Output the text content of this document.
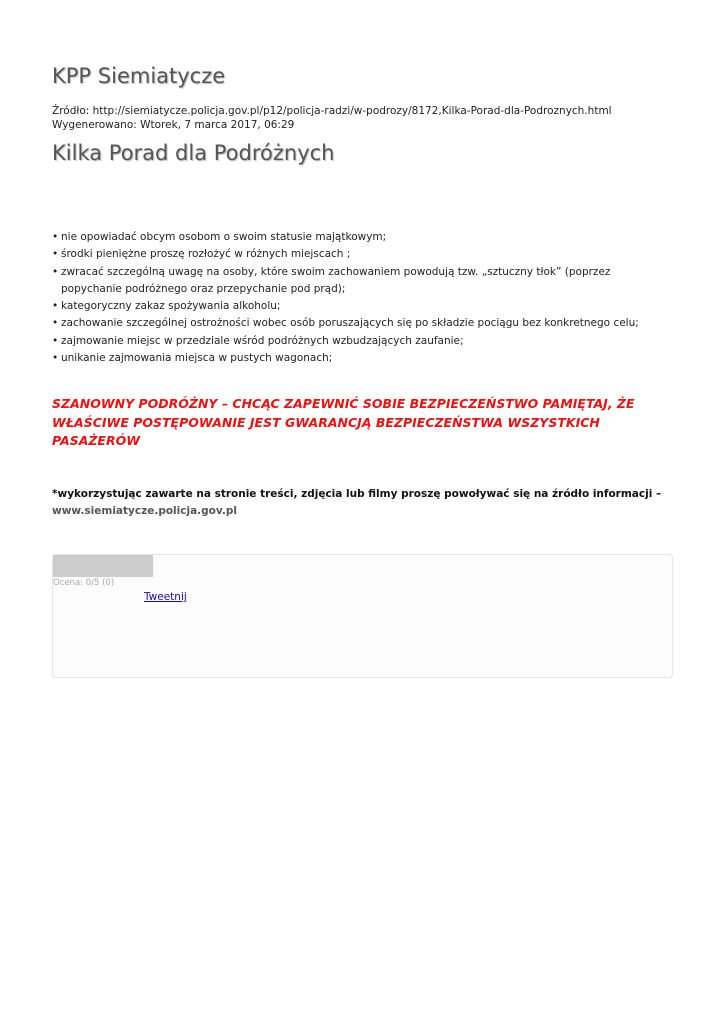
KPP Siemiatycze
Źródło: http://siemiatycze.policja.gov.pl/p12/policja-radzi/w-podrozy/8172,Kilka-Porad-dla-Podroznych.html
Wygenerowano: Wtorek, 7 marca 2017, 06:29
Kilka Porad dla Podróżnych
• nie opowiadać obcym osobom o swoim statusie majątkowym;
• środki pieniężne proszę rozłożyć w różnych miejscach ;
• zwracać szczególną uwagę na osoby, które swoim zachowaniem powodują tzw. „sztuczny tłok” (poprzez popychanie podróżnego oraz przepychanie pod prąd);
• kategoryczny zakaz spożywania alkoholu;
• zachowanie szczególnej ostrożności wobec osób poruszających się po składzie pociągu bez konkretnego celu;
• zajmowanie miejsc w przedziale wśród podróżnych wzbudzających zaufanie;
• unikanie zajmowania miejsca w pustych wagonach;

SZANOWNY PODRÓŻNY – CHCĄC ZAPEWNIĆ SOBIE BEZPIECZEŃSTWO PAMIĘTAJ, ŻE WŁAŚCIWE POSTĘPOWANIE JEST GWARANCJĄ BEZPIECZEŃSTWA WSZYSTKICH PASAŻERÓW

*wykorzystując zawarte na stronie treści, zdjęcia lub filmy proszę powoływać się na źródło informacji –
www.siemiatycze.policja.gov.pl

Ocena: 0/5 (0)
Tweetnij
